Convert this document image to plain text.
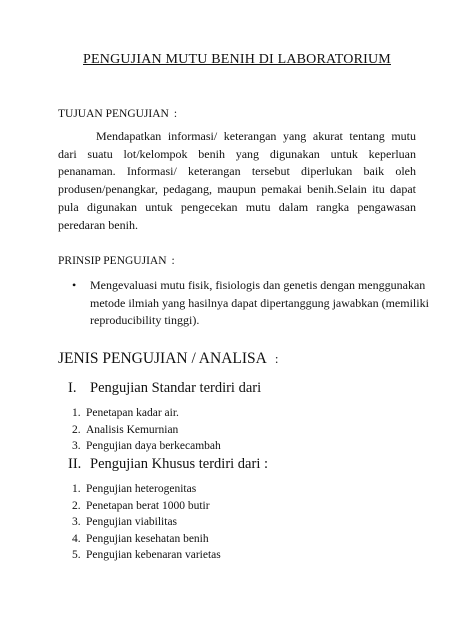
PENGUJIAN MUTU BENIH DI LABORATORIUM
TUJUAN PENGUJIAN :

Mendapatkan informasi/ keterangan yang akurat tentang mutu dari suatu lot/kelompok benih yang digunakan untuk keperluan penanaman. Informasi/ keterangan tersebut diperlukan baik oleh produsen/penangkar, pedagang, maupun pemakai benih.Selain itu dapat pula digunakan untuk pengecekan mutu dalam rangka pengawasan peredaran benih.

PRINSIP PENGUJIAN :

• Mengevaluasi mutu fisik, fisiologis dan genetis dengan menggunakan metode ilmiah yang hasilnya dapat dipertanggung jawabkan (memiliki reproducibility tinggi).

JENIS PENGUJIAN / ANALISA :
I. Pengujian Standar terdiri dari
1. Penetapan kadar air.
2. Analisis Kemurnian
3. Pengujian daya berkecambah
II. Pengujian Khusus terdiri dari :
1. Pengujian heterogenitas
2. Penetapan berat 1000 butir
3. Pengujian viabilitas
4. Pengujian kesehatan benih
5. Pengujian kebenaran varietas
